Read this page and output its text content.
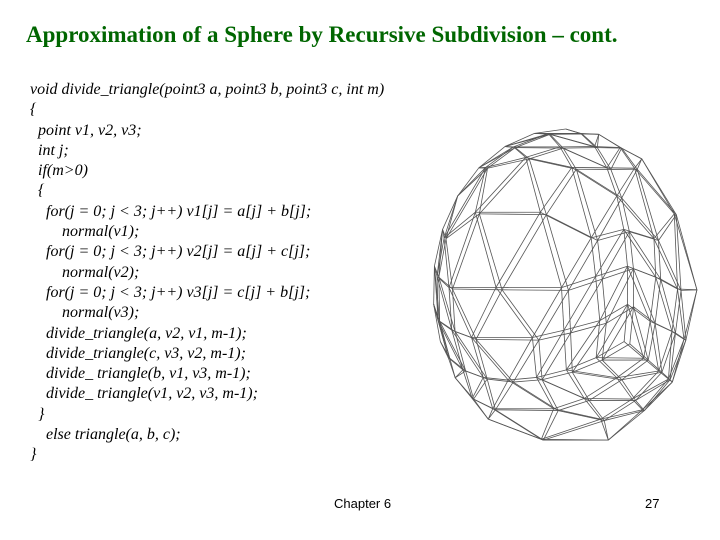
Approximation of a Sphere by Recursive Subdivision – cont.
void divide_triangle(point3 a, point3 b, point3 c, int m)
{
point v1, v2, v3;
int j;
if(m>0)
{
for(j = 0; j < 3; j++) v1[j] = a[j] + b[j];
normal(v1);
for(j = 0; j < 3; j++) v2[j] = a[j] + c[j];
normal(v2);
for(j = 0; j < 3; j++) v3[j] = c[j] + b[j];
normal(v3);
divide_triangle(a, v2, v1, m-1);
divide_triangle(c, v3, v2, m-1);
divide_ triangle(b, v1, v3, m-1);
divide_ triangle(v1, v2, v3, m-1);
}
else triangle(a, b, c);
}
Chapter 6	27
